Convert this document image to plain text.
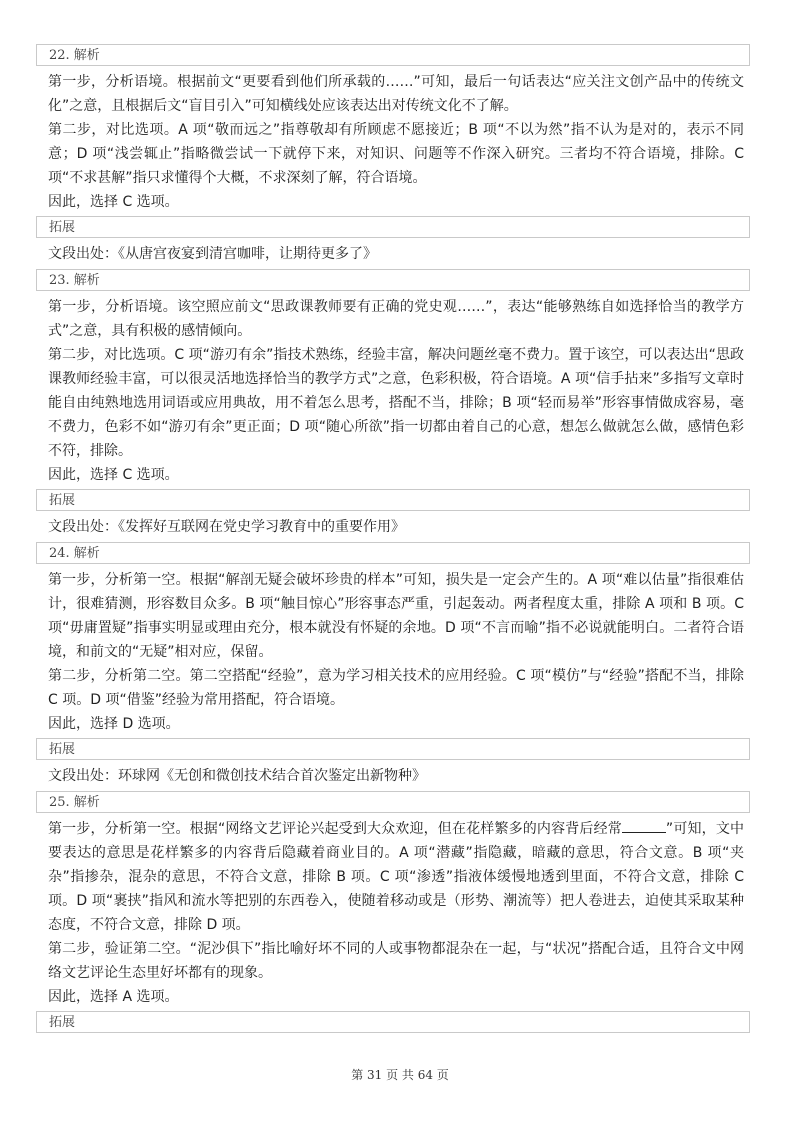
22. 解析

第一步，分析语境。根据前文“更要看到他们所承载的……”可知，最后一句话表达“应关注文创产品中的传统文化”之意，且根据后文“盲目引入”可知横线处应该表达出对传统文化不了解。

第二步，对比选项。A 项“敬而远之”指尊敬却有所顾虑不愿接近；B 项“不以为然”指不认为是对的，表示不同意；D 项“浅尝辄止”指略微尝试一下就停下来，对知识、问题等不作深入研究。三者均不符合语境，排除。C 项“不求甚解”指只求懂得个大概，不求深刻了解，符合语境。

因此，选择 C 选项。

拓展

文段出处：《从唐宫夜宴到清宫咖啡，让期待更多了》

23. 解析

第一步，分析语境。该空照应前文“思政课教师要有正确的党史观……”，表达“能够熟练自如选择恰当的教学方式”之意，具有积极的感情倾向。

第二步，对比选项。C 项“游刃有余”指技术熟练，经验丰富，解决问题丝毫不费力。置于该空，可以表达出“思政课教师经验丰富，可以很灵活地选择恰当的教学方式”之意，色彩积极，符合语境。A 项“信手拈来”多指写文章时能自由纯熟地选用词语或应用典故，用不着怎么思考，搭配不当，排除；B 项“轻而易举”形容事情做成容易，毫不费力，色彩不如“游刃有余”更正面；D 项“随心所欲”指一切都由着自己的心意，想怎么做就怎么做，感情色彩不符，排除。

因此，选择 C 选项。

拓展

文段出处：《发挥好互联网在党史学习教育中的重要作用》

24. 解析

第一步，分析第一空。根据“解剖无疑会破坏珍贵的样本”可知，损失是一定会产生的。A 项“难以估量”指很难估计，很难猜测，形容数目众多。B 项“触目惊心”形容事态严重，引起轰动。两者程度太重，排除 A 项和 B 项。C 项“毋庸置疑”指事实明显或理由充分，根本就没有怀疑的余地。D 项“不言而喻”指不必说就能明白。二者符合语境，和前文的“无疑”相对应，保留。

第二步，分析第二空。第二空搭配“经验”，意为学习相关技术的应用经验。C 项“模仿”与“经验”搭配不当，排除 C 项。D 项“借鉴”经验为常用搭配，符合语境。

因此，选择 D 选项。

拓展

文段出处：环球网《无创和微创技术结合首次鉴定出新物种》

25. 解析

第一步，分析第一空。根据“网络文艺评论兴起受到大众欢迎，但在花样繁多的内容背后经常	”可知，文中要表达的意思是花样繁多的内容背后隐藏着商业目的。A 项“潜藏”指隐藏，暗藏的意思，符合文意。B 项“夹杂”指掺杂，混杂的意思，不符合文意，排除 B 项。C 项“渗透”指液体缓慢地透到里面，不符合文意，排除 C 项。D 项“裹挟”指风和流水等把别的东西卷入，使随着移动或是（形势、潮流等）把人卷进去，迫使其采取某种态度，不符合文意，排除 D 项。

第二步，验证第二空。“泥沙俱下”指比喻好坏不同的人或事物都混杂在一起，与“状况”搭配合适，且符合文中网络文艺评论生态里好坏都有的现象。

因此，选择 A 选项。

拓展
第 31 页 共 64 页
